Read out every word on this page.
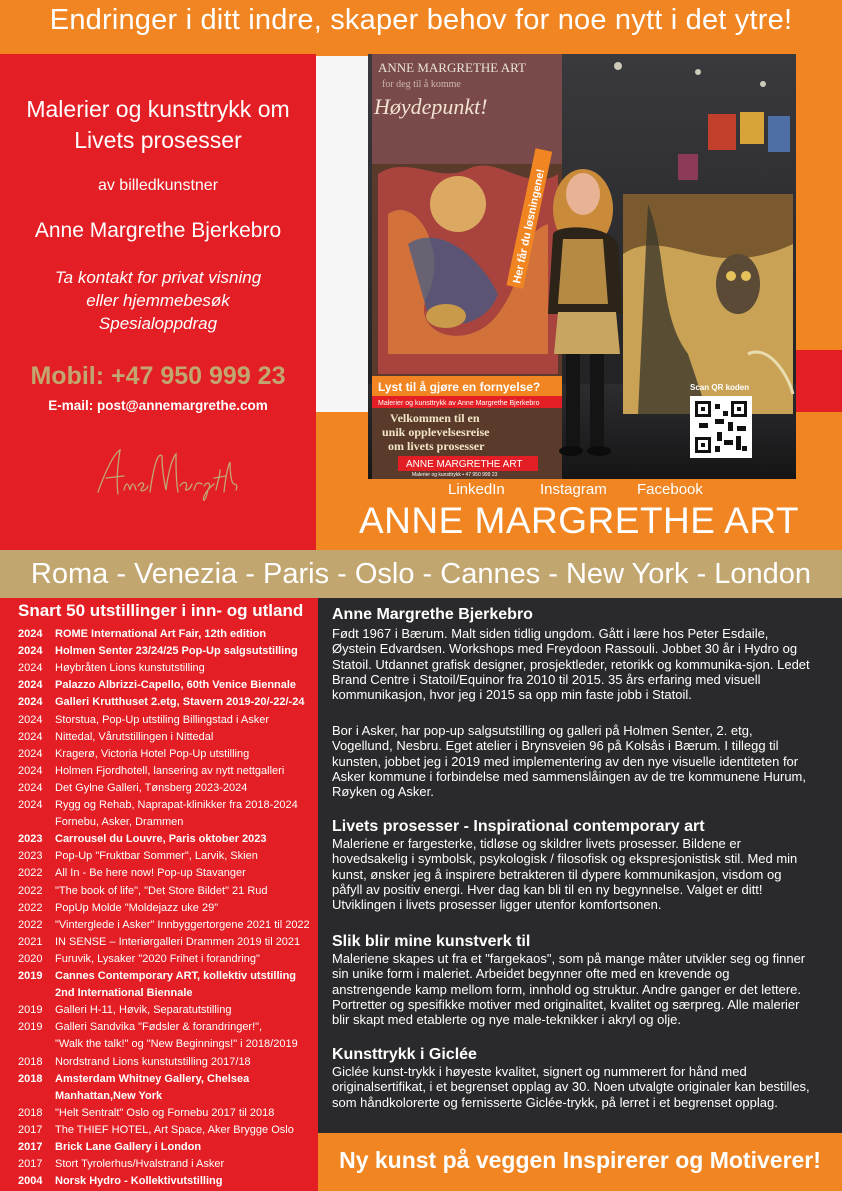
Endringer i ditt indre, skaper behov for noe nytt i det ytre!
Malerier og kunsttrykk om
Livets prosesser
av billedkunstner
Anne Margrethe Bjerkebro
Ta kontakt for privat visning
eller hjemmebesøk
Spesialoppdrag
Mobil: +47 950 999 23
E-mail: post@annemargrethe.com
ANNE MARGRETHE ART
for deg til å komme
Høydepunkt!
Her får du løsningene!
Lyst til å gjøre en fornyelse?
Malerier og kunsttrykk av Anne Margrethe Bjerkebro
Velkommen til en
unik opplevelsesreise
om livets prosesser
ANNE MARGRETHE ART
Malerier og kunsttrykk • 47 950 999 23
Scan QR koden
LinkedIn Instagram Facebook
ANNE MARGRETHE ART
Roma - Venezia - Paris - Oslo - Cannes - New York - London
Snart 50 utstillinger i inn- og utland
2024 ROME International Art Fair, 12th edition
2024 Holmen Senter 23/24/25 Pop-Up salgsutstilling
2024 Høybråten Lions kunstutstilling
2024 Palazzo Albrizzi-Capello, 60th Venice Biennale
2024 Galleri Krutthuset 2.etg, Stavern 2019-20/-22/-24
2024 Storstua, Pop-Up utstiling Billingstad i Asker
2024 Nittedal, Vårutstillingen i Nittedal
2024 Kragerø, Victoria Hotel Pop-Up utstilling
2024 Holmen Fjordhotell, lansering av nytt nettgalleri
2024 Det Gylne Galleri, Tønsberg 2023-2024
2024 Rygg og Rehab, Naprapat-klinikker fra 2018-2024
Fornebu, Asker, Drammen
2023 Carrousel du Louvre, Paris oktober 2023
2023 Pop-Up "Fruktbar Sommer", Larvik, Skien
2022 All In - Be here now! Pop-up Stavanger
2022 "The book of life", "Det Store Bildet" 21 Rud
2022 PopUp Molde "Moldejazz uke 29"
2022 "Vinterglede i Asker" Innbyggertorgene 2021 til 2022
2021 IN SENSE – Interiørgalleri Drammen 2019 til 2021
2020 Furuvik, Lysaker "2020 Frihet i forandring"
2019 Cannes Contemporary ART, kollektiv utstilling
2nd International Biennale
2019 Galleri H-11, Høvik, Separatutstilling
2019 Galleri Sandvika "Fødsler & forandringer!",
"Walk the talk!" og "New Beginnings!" i 2018/2019
2018 Nordstrand Lions kunstutstilling 2017/18
2018 Amsterdam Whitney Gallery, Chelsea
Manhattan,New York
2018 "Helt Sentralt" Oslo og Fornebu 2017 til 2018
2017 The THIEF HOTEL, Art Space, Aker Brygge Oslo
2017 Brick Lane Gallery i London
2017 Stort Tyrolerhus/Hvalstrand i Asker
2004 Norsk Hydro - Kollektivutstilling
Anne Margrethe Bjerkebro
Født 1967 i Bærum. Malt siden tidlig ungdom. Gått i lære hos Peter Esdaile, Øystein Edvardsen. Workshops med Freydoon Rassouli. Jobbet 30 år i Hydro og Statoil. Utdannet grafisk designer, prosjektleder, retorikk og kommunika-sjon. Ledet Brand Centre i Statoil/Equinor fra 2010 til 2015. 35 års erfaring med visuell kommunikasjon, hvor jeg i 2015 sa opp min faste jobb i Statoil.
Bor i Asker, har pop-up salgsutstilling og galleri på Holmen Senter, 2. etg, Vogellund, Nesbru. Eget atelier i Brynsveien 96 på Kolsås i Bærum. I tillegg til kunsten, jobbet jeg i 2019 med implementering av den nye visuelle identiteten for Asker kommune i forbindelse med sammenslåingen av de tre kommunene Hurum, Røyken og Asker.
Livets prosesser - Inspirational contemporary art
Maleriene er fargesterke, tidløse og skildrer livets prosesser. Bildene er hovedsakelig i symbolsk, psykologisk / filosofisk og ekspresjonistisk stil. Med min kunst, ønsker jeg å inspirere betrakteren til dypere kommunikasjon, visdom og påfyll av positiv energi. Hver dag kan bli til en ny begynnelse. Valget er ditt! Utviklingen i livets prosesser ligger utenfor komfortsonen.
Slik blir mine kunstverk til
Maleriene skapes ut fra et "fargekaos", som på mange måter utvikler seg og finner sin unike form i maleriet. Arbeidet begynner ofte med en krevende og anstrengende kamp mellom form, innhold og struktur. Andre ganger er det lettere. Portretter og spesifikke motiver med originalitet, kvalitet og særpreg. Alle malerier blir skapt med etablerte og nye male-teknikker i akryl og olje.
Kunsttrykk i Giclée
Giclée kunst-trykk i høyeste kvalitet, signert og nummerert for hånd med originalsertifikat, i et begrenset opplag av 30. Noen utvalgte originaler kan bestilles, som håndkolorerte og fernisserte Giclée-trykk, på lerret i et begrenset opplag.
Ny kunst på veggen Inspirerer og Motiverer!
